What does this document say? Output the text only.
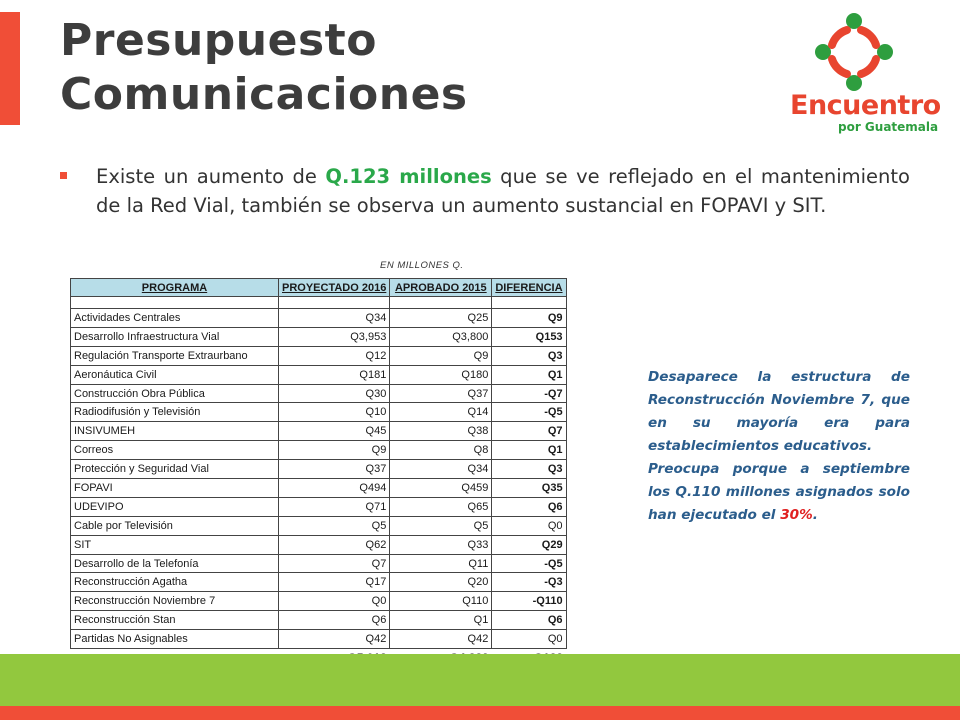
Presupuesto
Comunicaciones	Encuentro
por Guatemala
Existe un aumento de Q.123 millones que se ve reflejado en el mantenimiento de la Red Vial, también se observa un aumento sustancial en FOPAVI y SIT.
EN MILLONES Q.
PROGRAMA	PROYECTADO 2016	APROBADO 2015	DIFERENCIA

Actividades Centrales	Q34	Q25	Q9
Desarrollo Infraestructura Vial	Q3,953	Q3,800	Q153
Regulación Transporte Extraurbano	Q12	Q9	Q3
Aeronáutica Civil	Q181	Q180	Q1
Construcción Obra Pública	Q30	Q37	-Q7
Radiodifusión y Televisión	Q10	Q14	-Q5
INSIVUMEH	Q45	Q38	Q7
Correos	Q9	Q8	Q1
Protección y Seguridad Vial	Q37	Q34	Q3
FOPAVI	Q494	Q459	Q35
UDEVIPO	Q71	Q65	Q6
Cable por Televisión	Q5	Q5	Q0
SIT	Q62	Q33	Q29
Desarrollo de la Telefonía	Q7	Q11	-Q5
Reconstrucción Agatha	Q17	Q20	-Q3
Reconstrucción Noviembre 7	Q0	Q110	-Q110
Reconstrucción Stan	Q6	Q1	Q6
Partidas No Asignables	Q42	Q42	Q0

Desaparece la estructura de Reconstrucción Noviembre 7, que en su mayoría era para establecimientos educativos.

Preocupa porque a septiembre los Q.110 millones asignados solo han ejecutado el 30%.
